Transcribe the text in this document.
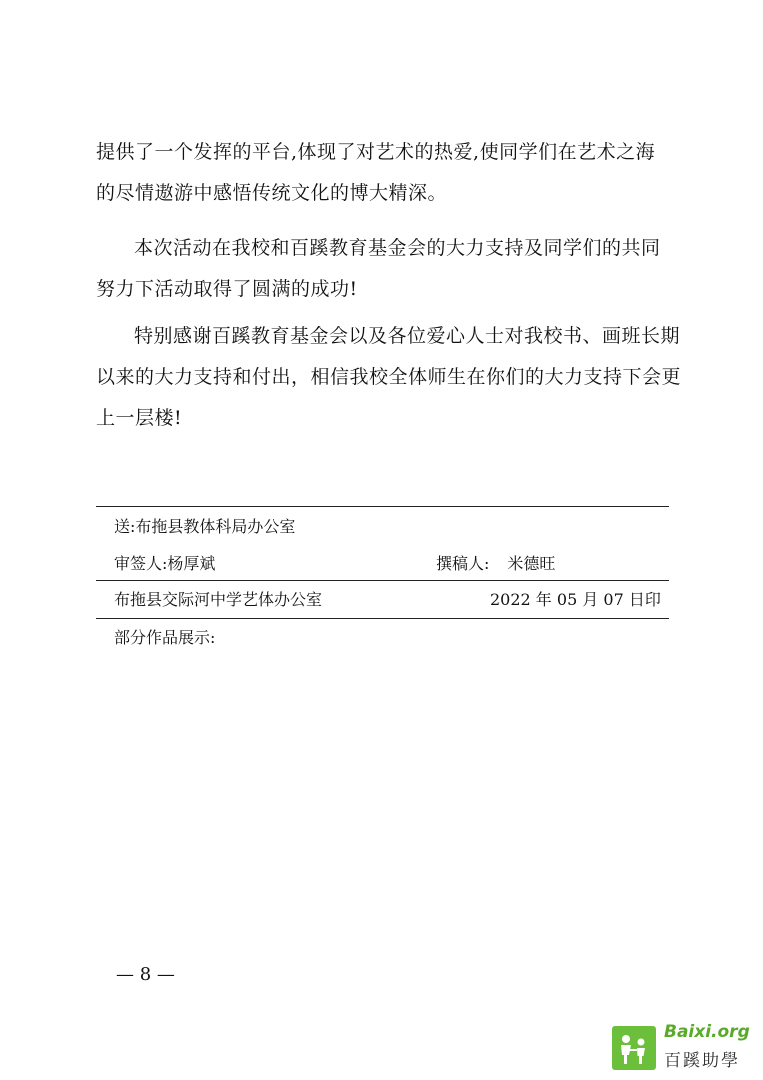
提供了一个发挥的平台,体现了对艺术的热爱,使同学们在艺术之海
的尽情遨游中感悟传统文化的博大精深。
本次活动在我校和百蹊教育基金会的大力支持及同学们的共同
努力下活动取得了圆满的成功!
特别感谢百蹊教育基金会以及各位爱心人士对我校书、画班长期
以来的大力支持和付出，相信我校全体师生在你们的大力支持下会更
上一层楼!
送:布拖县教体科局办公室
审签人:杨厚斌	撰稿人: 米德旺
布拖县交际河中学艺体办公室	2022 年 05 月 07 日印
部分作品展示:
— 8 —
Baixi.org
百蹊助學
